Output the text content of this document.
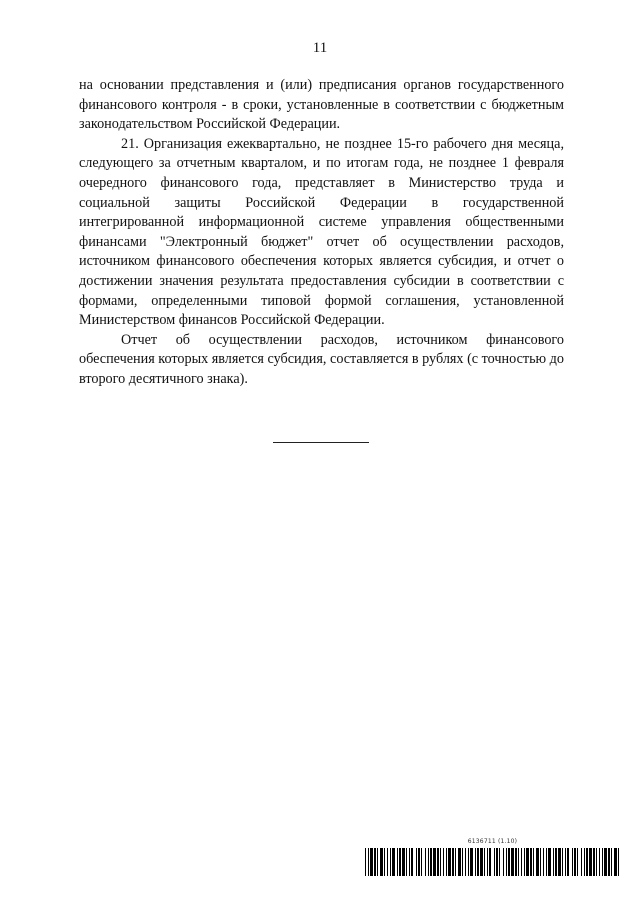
11

на основании представления и (или) предписания органов государственного финансового контроля - в сроки, установленные в соответствии с бюджетным законодательством Российской Федерации.

21. Организация ежеквартально, не позднее 15-го рабочего дня месяца, следующего за отчетным кварталом, и по итогам года, не позднее 1 февраля очередного финансового года, представляет в Министерство труда и социальной защиты Российской Федерации в государственной интегрированной информационной системе управления общественными финансами "Электронный бюджет" отчет об осуществлении расходов, источником финансового обеспечения которых является субсидия, и отчет о достижении значения результата предоставления субсидии в соответствии с формами, определенными типовой формой соглашения, установленной Министерством финансов Российской Федерации.

Отчет об осуществлении расходов, источником финансового обеспечения которых является субсидия, составляется в рублях (с точностью до второго десятичного знака).

6136711 (1.10)
